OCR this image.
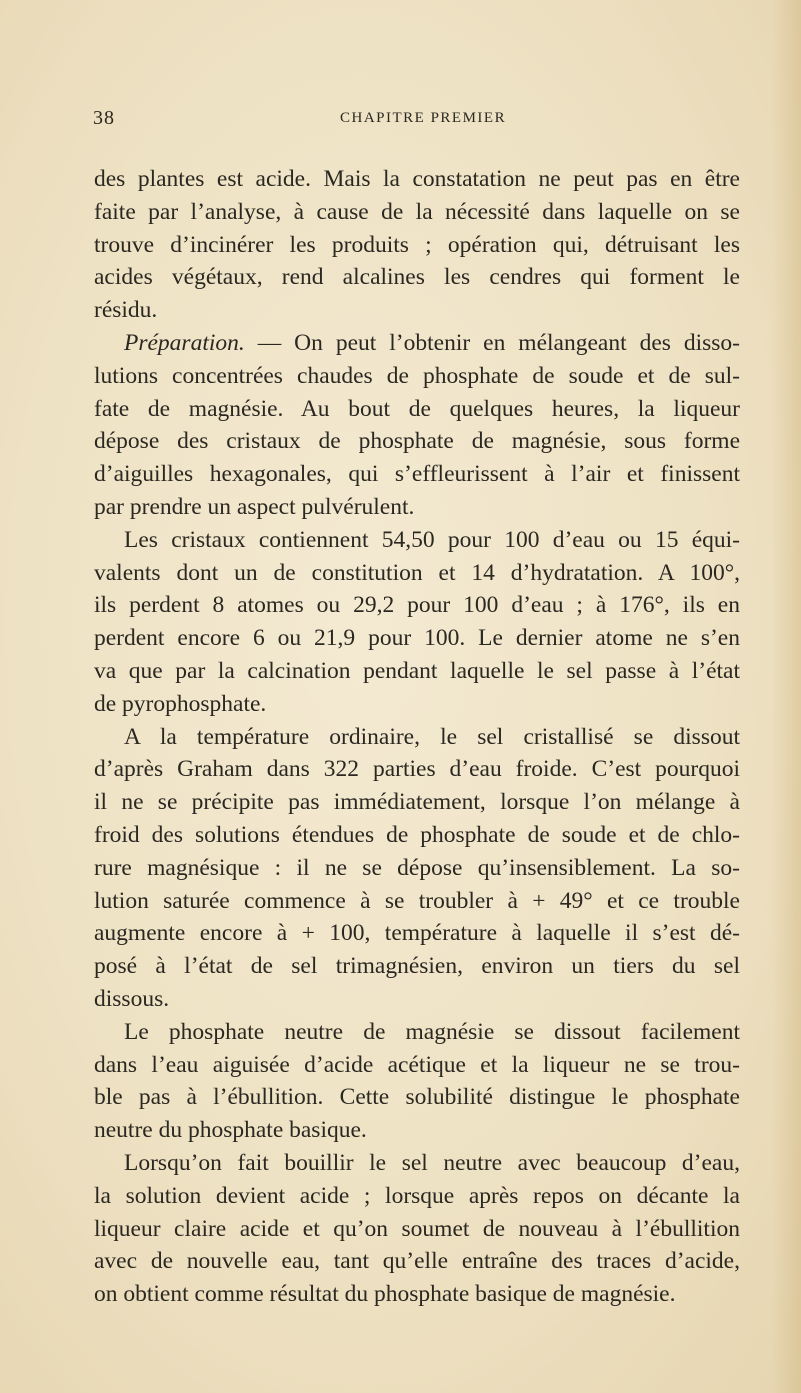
38	CHAPITRE PREMIER
des plantes est acide. Mais la constatation ne peut pas en être
faite par l’analyse, à cause de la nécessité dans laquelle on se
trouve d’incinérer les produits ; opération qui, détruisant les
acides végétaux, rend alcalines les cendres qui forment le
résidu.
Préparation. — On peut l’obtenir en mélangeant des disso-
lutions concentrées chaudes de phosphate de soude et de sul-
fate de magnésie. Au bout de quelques heures, la liqueur
dépose des cristaux de phosphate de magnésie, sous forme
d’aiguilles hexagonales, qui s’effleurissent à l’air et finissent
par prendre un aspect pulvérulent.
Les cristaux contiennent 54,50 pour 100 d’eau ou 15 équi-
valents dont un de constitution et 14 d’hydratation. A 100°,
ils perdent 8 atomes ou 29,2 pour 100 d’eau ; à 176°, ils en
perdent encore 6 ou 21,9 pour 100. Le dernier atome ne s’en
va que par la calcination pendant laquelle le sel passe à l’état
de pyrophosphate.
A la température ordinaire, le sel cristallisé se dissout
d’après Graham dans 322 parties d’eau froide. C’est pourquoi
il ne se précipite pas immédiatement, lorsque l’on mélange à
froid des solutions étendues de phosphate de soude et de chlo-
rure magnésique : il ne se dépose qu’insensiblement. La so-
lution saturée commence à se troubler à + 49° et ce trouble
augmente encore à + 100, température à laquelle il s’est dé-
posé à l’état de sel trimagnésien, environ un tiers du sel
dissous.
Le phosphate neutre de magnésie se dissout facilement
dans l’eau aiguisée d’acide acétique et la liqueur ne se trou-
ble pas à l’ébullition. Cette solubilité distingue le phosphate
neutre du phosphate basique.
Lorsqu’on fait bouillir le sel neutre avec beaucoup d’eau,
la solution devient acide ; lorsque après repos on décante la
liqueur claire acide et qu’on soumet de nouveau à l’ébullition
avec de nouvelle eau, tant qu’elle entraîne des traces d’acide,
on obtient comme résultat du phosphate basique de magnésie.
